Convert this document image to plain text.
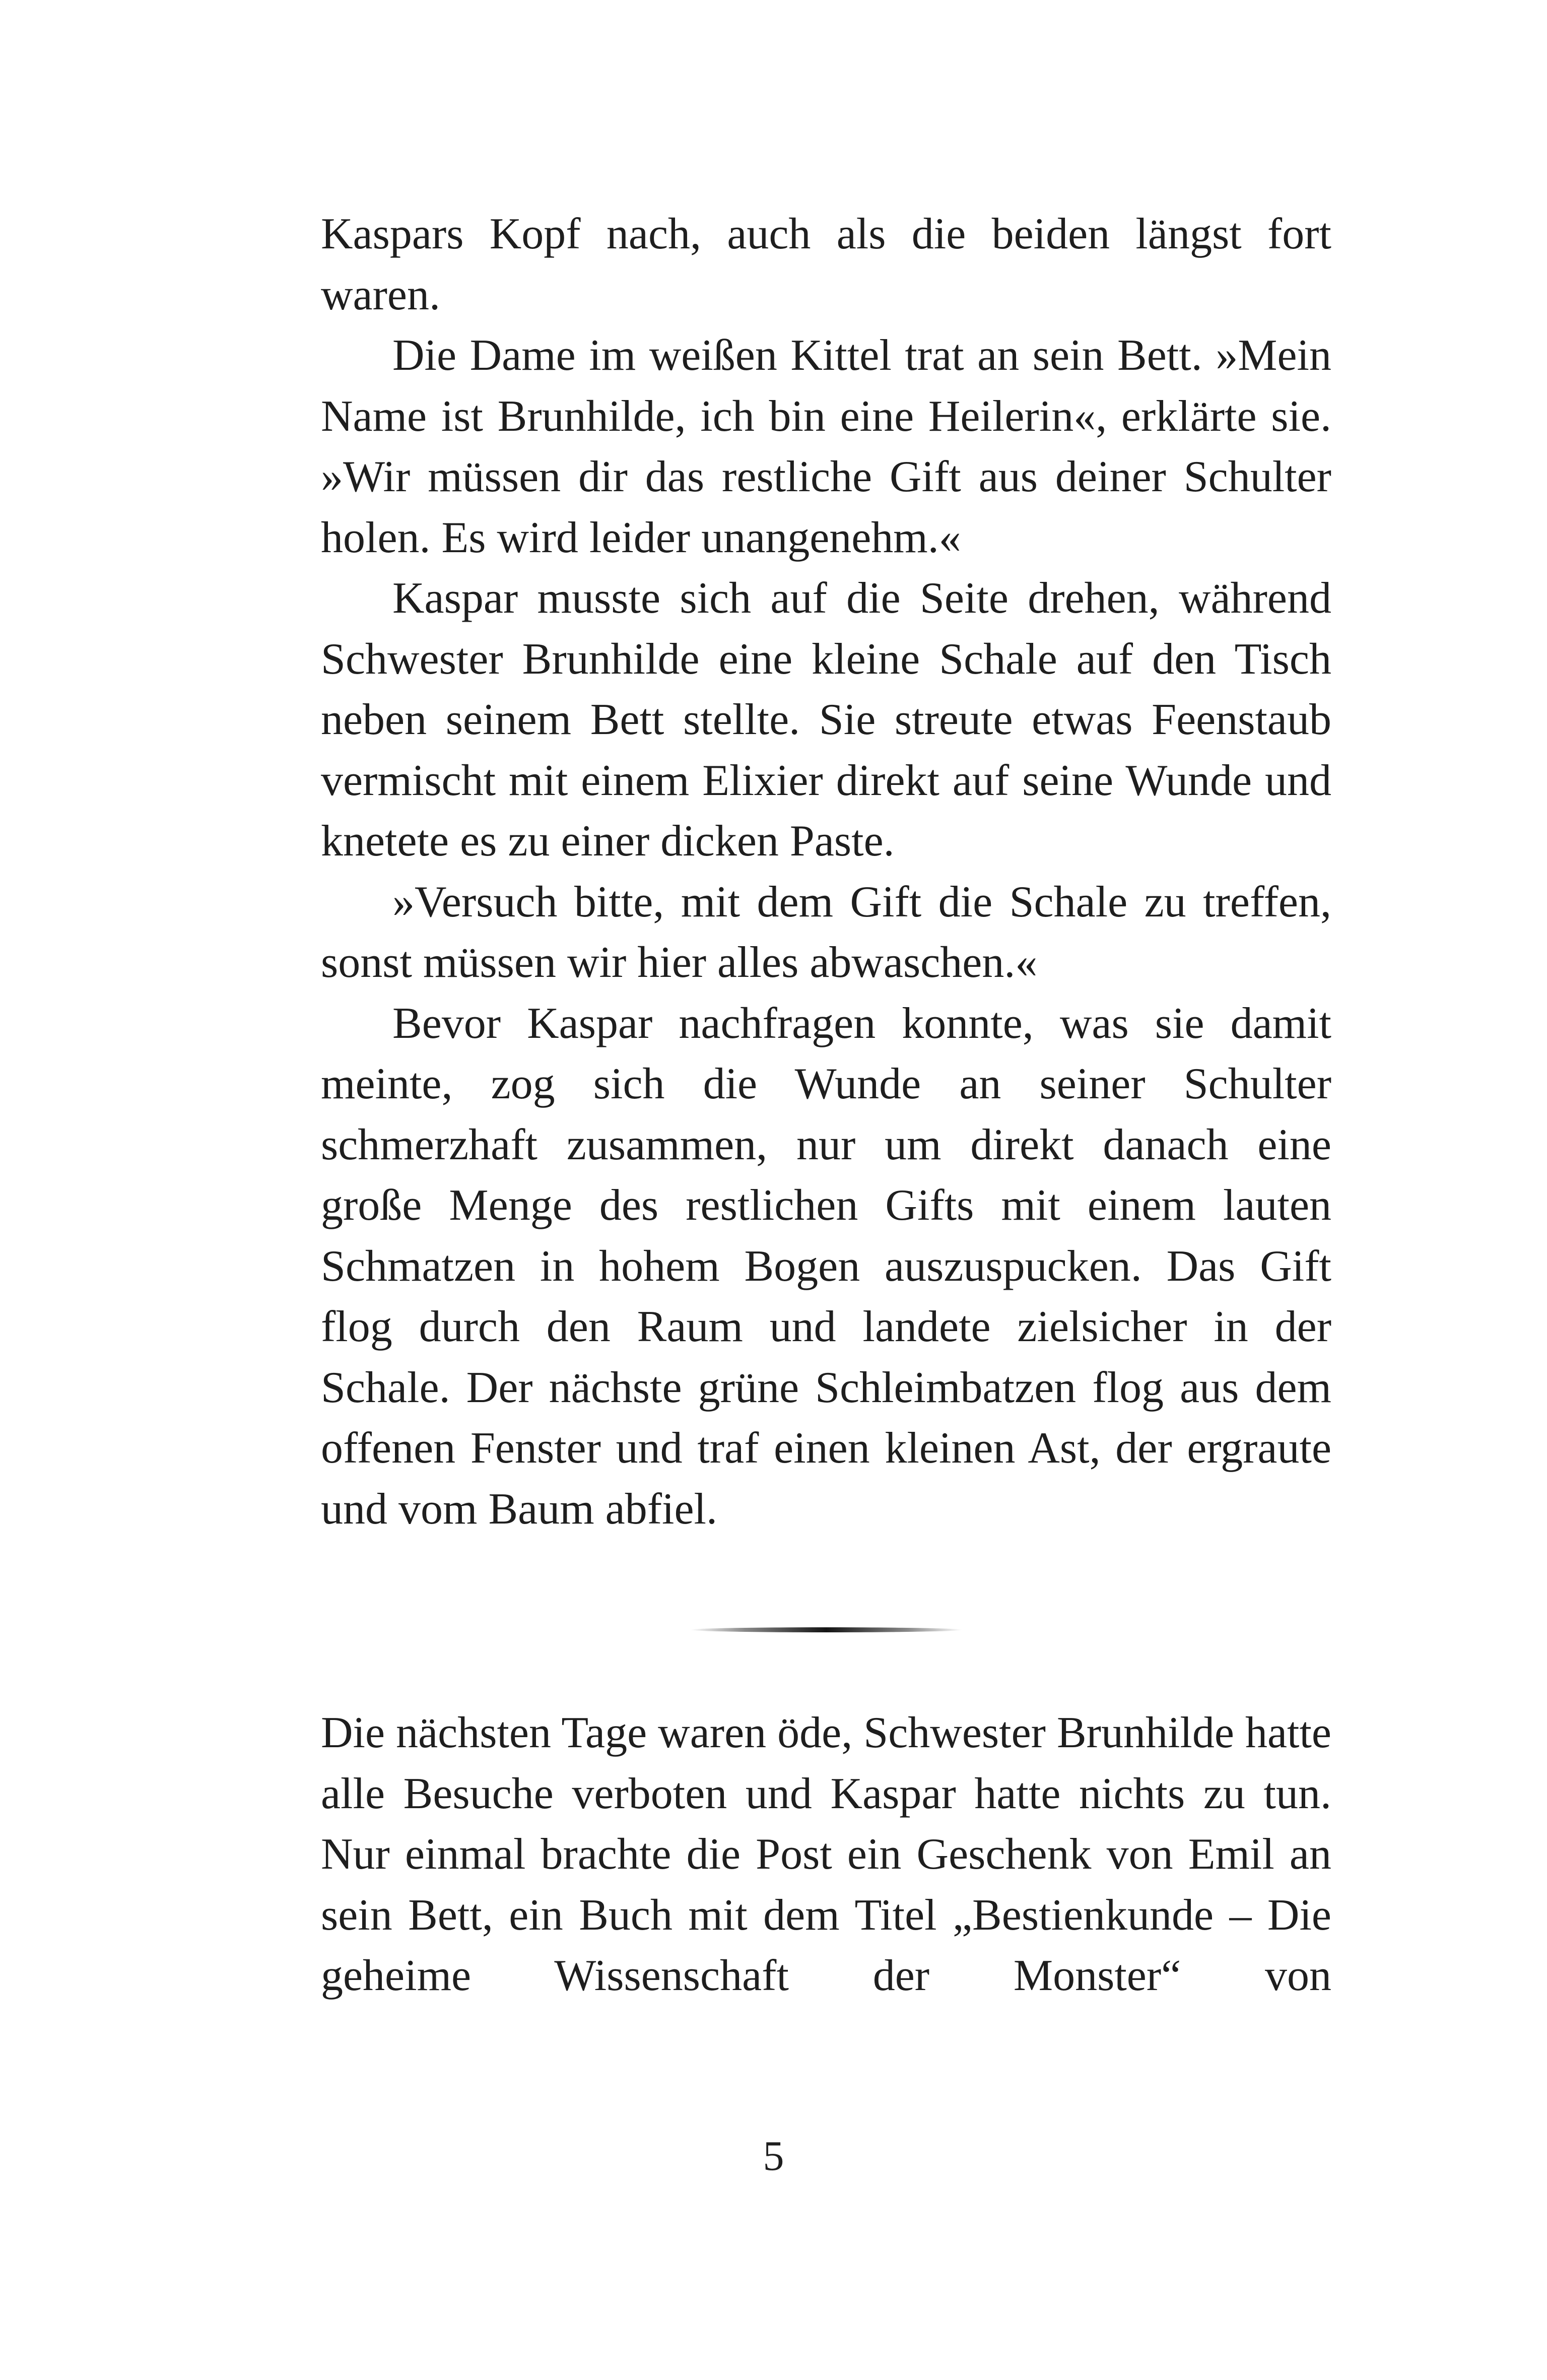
Kaspars Kopf nach, auch als die beiden längst fort waren.

Die Dame im weißen Kittel trat an sein Bett. »Mein Name ist Brunhilde, ich bin eine Heilerin«, erklärte sie. »Wir müssen dir das restliche Gift aus deiner Schulter holen. Es wird leider unangenehm.«

Kaspar musste sich auf die Seite drehen, während Schwester Brunhilde eine kleine Schale auf den Tisch neben seinem Bett stellte. Sie streute etwas Feenstaub vermischt mit einem Elixier direkt auf seine Wunde und knetete es zu einer dicken Paste.

»Versuch bitte, mit dem Gift die Schale zu treffen, sonst müssen wir hier alles abwaschen.«

Bevor Kaspar nachfragen konnte, was sie damit meinte, zog sich die Wunde an seiner Schulter schmerzhaft zusammen, nur um direkt danach eine große Menge des restlichen Gifts mit einem lauten Schmatzen in hohem Bogen auszuspucken. Das Gift flog durch den Raum und landete zielsicher in der Schale. Der nächste grüne Schleimbatzen flog aus dem offenen Fenster und traf einen kleinen Ast, der ergraute und vom Baum abfiel.

Die nächsten Tage waren öde, Schwester Brunhilde hatte alle Besuche verboten und Kaspar hatte nichts zu tun. Nur einmal brachte die Post ein Geschenk von Emil an sein Bett, ein Buch mit dem Titel „Bestienkunde – Die geheime Wissenschaft der Monster“ von

5
